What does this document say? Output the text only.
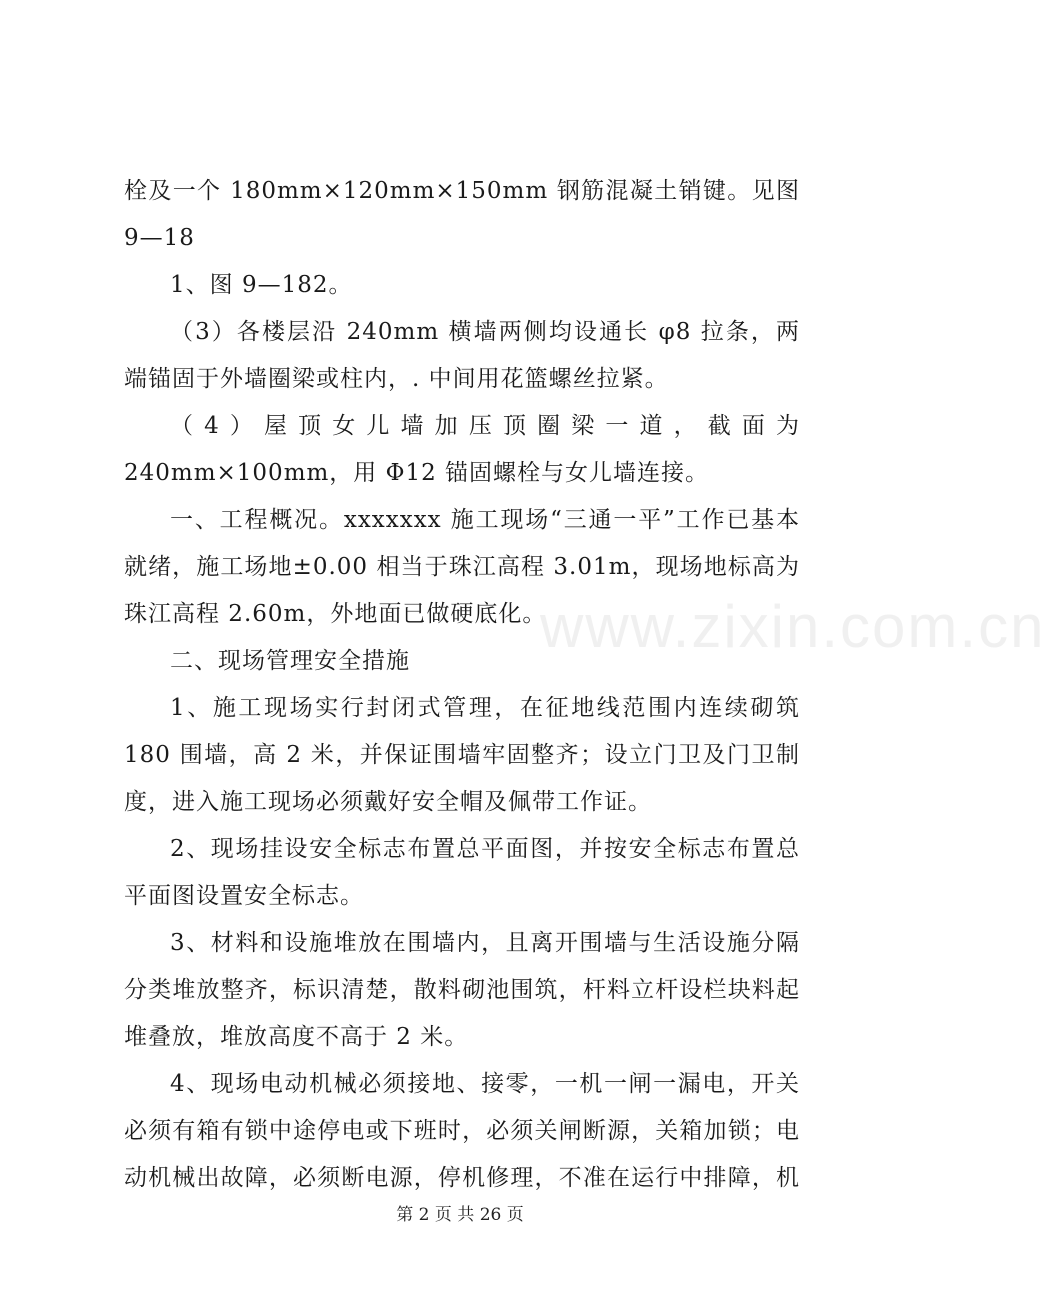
www.zixin.com.cn

栓及一个 180mm×120mm×150mm 钢筋混凝土销键。见图 9—18

1、图 9—182。

（3）各楼层沿 240mm 横墙两侧均设通长 φ8 拉条，两端锚固于外墙圈梁或柱内，. 中间用花篮螺丝拉紧。

（4）屋顶女儿墙加压顶圈梁一道，截面为 240mm×100mm，用 Φ12 锚固螺栓与女儿墙连接。

一、工程概况。xxxxxxx 施工现场“三通一平”工作已基本就绪，施工场地±0.00 相当于珠江高程 3.01m，现场地标高为珠江高程 2.60m，外地面已做硬底化。

二、现场管理安全措施

1、施工现场实行封闭式管理，在征地线范围内连续砌筑 180 围墙，高 2 米，并保证围墙牢固整齐；设立门卫及门卫制度，进入施工现场必须戴好安全帽及佩带工作证。

2、现场挂设安全标志布置总平面图，并按安全标志布置总平面图设置安全标志。

3、材料和设施堆放在围墙内，且离开围墙与生活设施分隔分类堆放整齐，标识清楚，散料砌池围筑，杆料立杆设栏块料起堆叠放，堆放高度不高于 2 米。

4、现场电动机械必须接地、接零，一机一闸一漏电，开关必须有箱有锁中途停电或下班时，必须关闸断源，关箱加锁；电动机械出故障，必须断电源，停机修理，不准在运行中排障，机

第 2 页 共 26 页
